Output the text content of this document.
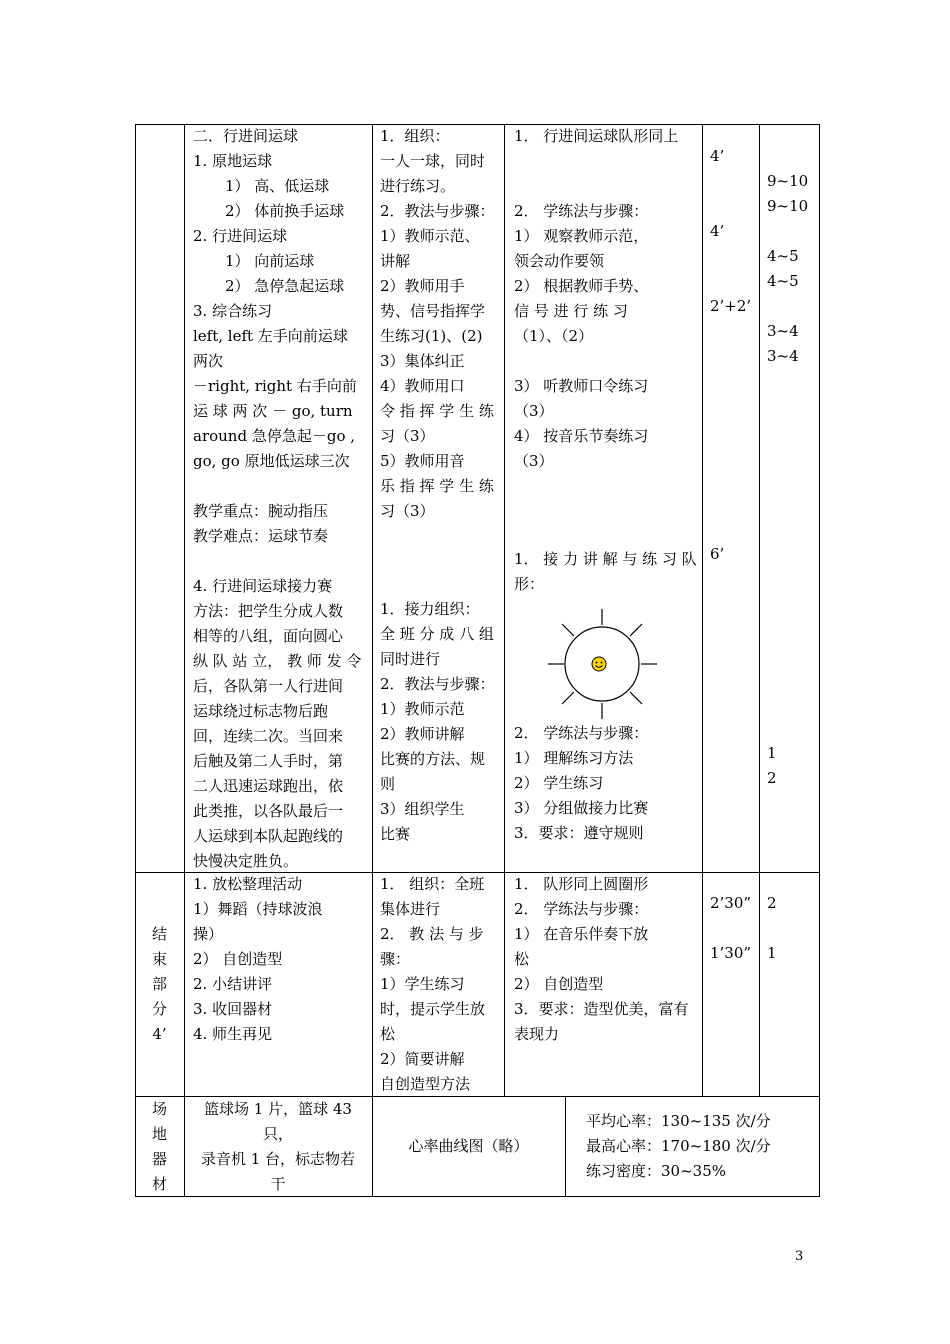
二．行进间运球
1. 原地运球
1） 高、低运球
2） 体前换手运球
2. 行进间运球
1） 向前运球
2） 急停急起运球
3. 综合练习
left, left 左手向前运球
两次
－right, right 右手向前
运 球 两 次 － go, turn
around 急停急起－go ,
go, go 原地低运球三次
教学重点：腕动指压
教学难点：运球节奏
4. 行进间运球接力赛
方法：把学生分成人数
相等的八组，面向圆心
纵 队 站 立， 教 师 发 令
后，各队第一人行进间
运球绕过标志物后跑
回，连续二次。当回来
后触及第二人手时，第
二人迅速运球跑出，依
此类推，以各队最后一
人运球到本队起跑线的
快慢决定胜负。
1．组织：
一人一球，同时
进行练习。
2．教法与步骤：
1）教师示范、
讲解
2）教师用手
势、信号指挥学
生练习(1)、(2)
3）集体纠正
4）教师用口
令 指 挥 学 生 练
习（3）
5）教师用音
乐 指 挥 学 生 练
习（3）
1．接力组织：
全 班 分 成 八 组
同时进行
2．教法与步骤：
1）教师示范
2）教师讲解
比赛的方法、规
则
3）组织学生
比赛
1． 行进间运球队形同上
2． 学练法与步骤：
1） 观察教师示范，
领会动作要领
2） 根据教师手势、
信 号 进 行 练 习
（1）、（2）
3） 听教师口令练习
（3）
4） 按音乐节奏练习
（3）
1． 接 力 讲 解 与 练 习 队
形：
2． 学练法与步骤：
1） 理解练习方法
2） 学生练习
3） 分组做接力比赛
3．要求：遵守规则
4’
4’
2’+2’
6’
9~10
9~10
4~5
4~5
3~4
3~4
1
2
结
束
部
分
4’
1. 放松整理活动
1）舞蹈（持球波浪
操）
2） 自创造型
2. 小结讲评
3. 收回器材
4. 师生再见
1． 组织：全班
集体进行
2． 教 法 与 步
骤：
1）学生练习
时，提示学生放
松
2）简要讲解
自创造型方法
1． 队形同上圆圈形
2． 学练法与步骤：
1） 在音乐伴奏下放
松
2） 自创造型
3．要求：造型优美，富有
表现力
2’30”
1’30”
2
1
场
地
器
材
篮球场 1 片，篮球 43
只，
录音机 1 台，标志物若
干
心率曲线图（略）
平均心率：130~135 次/分
最高心率：170~180 次/分
练习密度：30~35%
3
